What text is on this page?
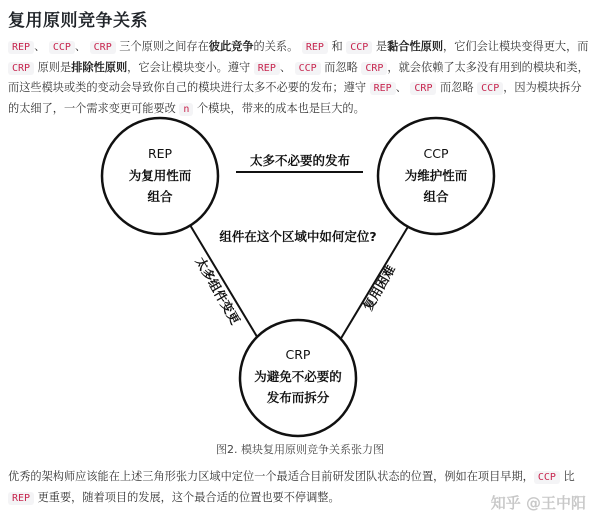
复用原则竞争关系
REP 、 CCP 、 CRP 三个原则之间存在彼此竞争的关系。 REP 和 CCP 是黏合性原则，它们会让模块变得更大，而 CRP 原则是排除性原则，它会让模块变小。遵守 REP 、 CCP 而忽略 CRP ，就会依赖了太多没有用到的模块和类，而这些模块或类的变动会导致你自己的模块进行太多不必要的发布；遵守 REP 、 CRP 而忽略 CCP ，因为模块拆分的太细了，一个需求变更可能要改 n 个模块，带来的成本也是巨大的。
REP
为复用性而
组合
CCP
为维护性而
组合
CRP
为避免不必要的
发布而拆分
太多不必要的发布
太多组件变更	复用困难
组件在这个区域中如何定位?
图2. 模块复用原则竞争关系张力图
优秀的架构师应该能在上述三角形张力区域中定位一个最适合目前研发团队状态的位置，例如在项目早期， CCP 比 REP 更重要，随着项目的发展，这个最合适的位置也要不停调整。	知乎 @王中阳
